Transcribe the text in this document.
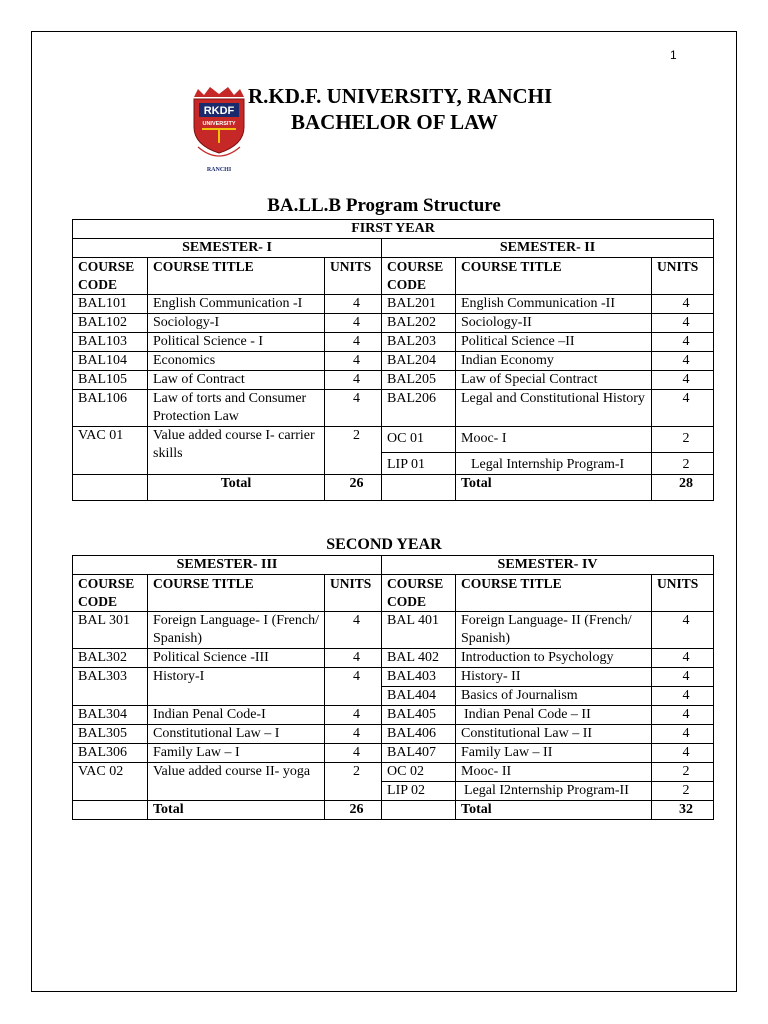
1
RKDF
UNIVERSITY
RANCHI
R.KD.F. UNIVERSITY, RANCHI
BACHELOR OF LAW
BA.LL.B Program Structure
FIRST YEAR					
SEMESTER- I			SEMESTER- II		
COURSE CODE	COURSE TITLE	UNITS	COURSE CODE	COURSE TITLE	UNITS
BAL101	English Communication -I	4	BAL201	English Communication -II	4
BAL102	Sociology-I	4	BAL202	Sociology-II	4
BAL103	Political Science - I	4	BAL203	Political Science –II	4
BAL104	Economics	4	BAL204	Indian Economy	4
BAL105	Law of Contract	4	BAL205	Law of Special Contract	4
BAL106	Law of torts and Consumer Protection Law	4	BAL206	Legal and Constitutional History	4
VAC 01	Value added course I- carrier skills	2	OC 01	Mooc- I	2
			LIP 01	Legal Internship Program-I	2
	Total	26		Total	28
SECOND YEAR
SEMESTER- III			SEMESTER- IV		
COURSE CODE	COURSE TITLE	UNITS	COURSE CODE	COURSE TITLE	UNITS
BAL 301	Foreign Language- I (French/ Spanish)	4	BAL 401	Foreign Language- II (French/ Spanish)	4
BAL302	Political Science -III	4	BAL 402	Introduction to Psychology	4
BAL303	History-I	4	BAL403	History- II	4
			BAL404	Basics of Journalism	4
BAL304	Indian Penal Code-I	4	BAL405	Indian Penal Code – II	4
BAL305	Constitutional Law – I	4	BAL406	Constitutional Law – II	4
BAL306	Family Law – I	4	BAL407	Family Law – II	4
VAC 02	Value added course II- yoga	2	OC 02	Mooc- II	2
			LIP 02	Legal I2nternship Program-II	2
	Total	26		Total	32
